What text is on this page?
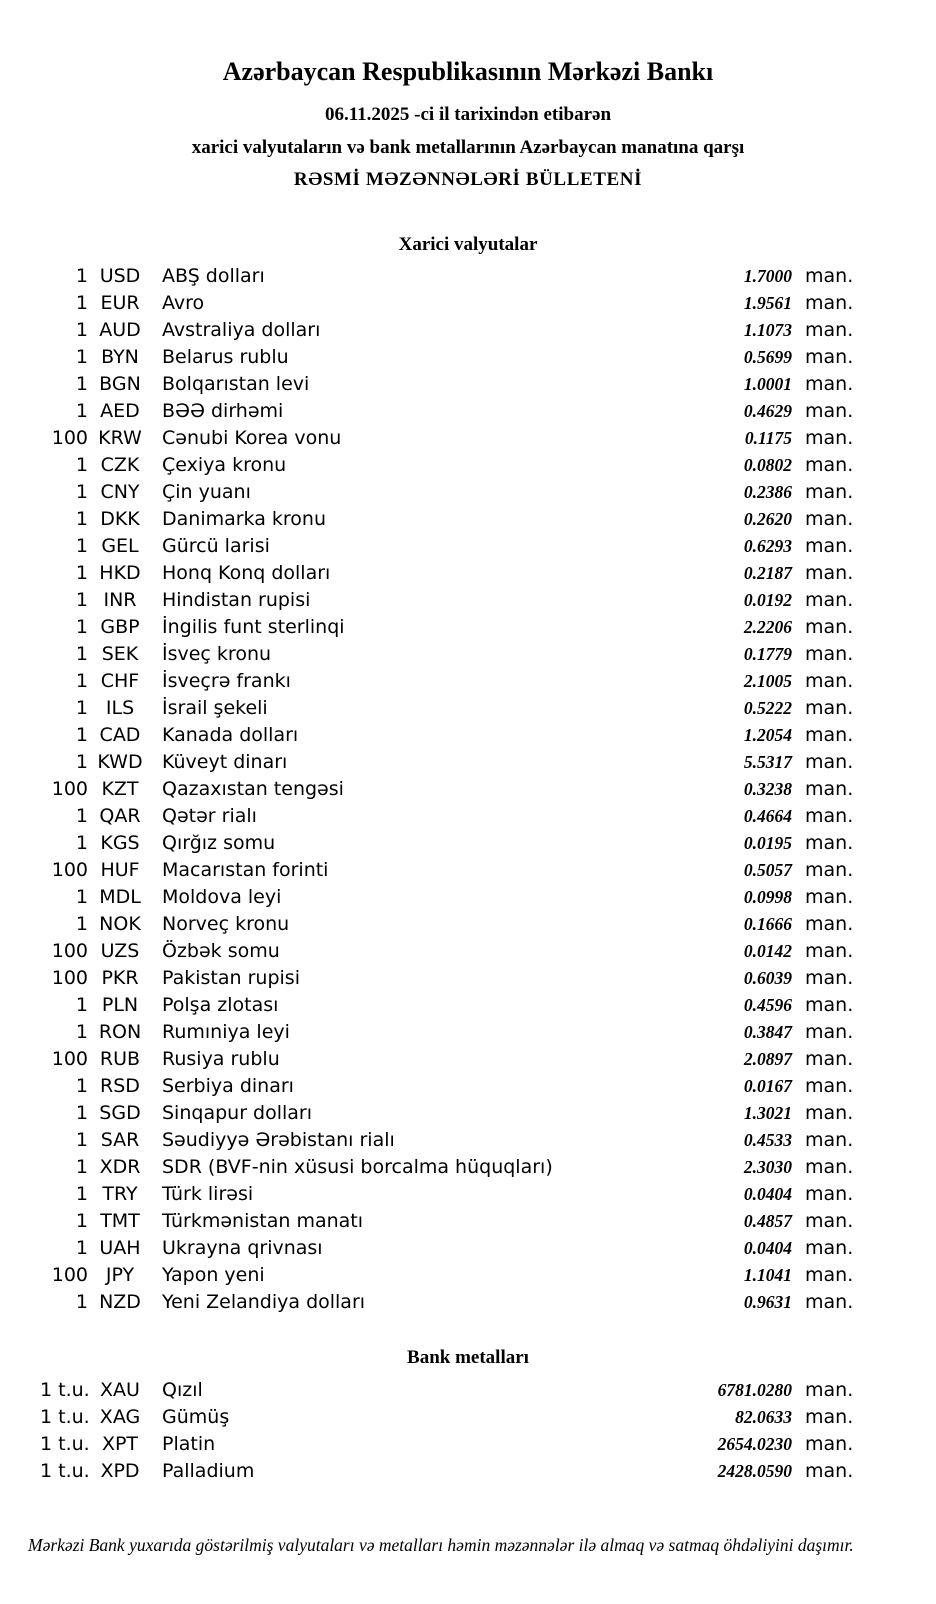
Azərbaycan Respublikasının Mərkəzi Bankı
06.11.2025 -ci il tarixindən etibarən
xarici valyutaların və bank metallarının Azərbaycan manatına qarşı
RƏSMİ MƏZƏNNƏLƏRİ BÜLLETENİ
Xarici valyutalar
1 USD	ABŞ dolları	1.7000 man.
1 EUR	Avro	1.9561 man.
1 AUD	Avstraliya dolları	1.1073 man.
1 BYN	Belarus rublu	0.5699 man.
1 BGN	Bolqarıstan levi	1.0001 man.
1 AED	BƏƏ dirhəmi	0.4629 man.
100 KRW	Cənubi Korea vonu	0.1175 man.
1 CZK	Çexiya kronu	0.0802 man.
1 CNY	Çin yuanı	0.2386 man.
1 DKK	Danimarka kronu	0.2620 man.
1 GEL	Gürcü larisi	0.6293 man.
1 HKD	Honq Konq dolları	0.2187 man.
1 INR	Hindistan rupisi	0.0192 man.
1 GBP	İngilis funt sterlinqi	2.2206 man.
1 SEK	İsveç kronu	0.1779 man.
1 CHF	İsveçrə frankı	2.1005 man.
1 ILS	İsrail şekeli	0.5222 man.
1 CAD	Kanada dolları	1.2054 man.
1 KWD	Küveyt dinarı	5.5317 man.
100 KZT	Qazaxıstan tengəsi	0.3238 man.
1 QAR	Qətər rialı	0.4664 man.
1 KGS	Qırğız somu	0.0195 man.
100 HUF	Macarıstan forinti	0.5057 man.
1 MDL	Moldova leyi	0.0998 man.
1 NOK	Norveç kronu	0.1666 man.
100 UZS	Özbək somu	0.0142 man.
100 PKR	Pakistan rupisi	0.6039 man.
1 PLN	Polşa zlotası	0.4596 man.
1 RON	Rumıniya leyi	0.3847 man.
100 RUB	Rusiya rublu	2.0897 man.
1 RSD	Serbiya dinarı	0.0167 man.
1 SGD	Sinqapur dolları	1.3021 man.
1 SAR	Səudiyyə Ərəbistanı rialı	0.4533 man.
1 XDR	SDR (BVF-nin xüsusi borcalma hüquqları)	2.3030 man.
1 TRY	Türk lirəsi	0.0404 man.
1 TMT	Türkmənistan manatı	0.4857 man.
1 UAH	Ukrayna qrivnası	0.0404 man.
100 JPY	Yapon yeni	1.1041 man.
1 NZD	Yeni Zelandiya dolları	0.9631 man.
Bank metalları
1 t.u. XAU	Qızıl	6781.0280 man.
1 t.u. XAG	Gümüş	82.0633 man.
1 t.u. XPT	Platin	2654.0230 man.
1 t.u. XPD	Palladium	2428.0590 man.
Mərkəzi Bank yuxarıda göstərilmiş valyutaları və metalları həmin məzənnələr ilə almaq və satmaq öhdəliyini daşımır.
